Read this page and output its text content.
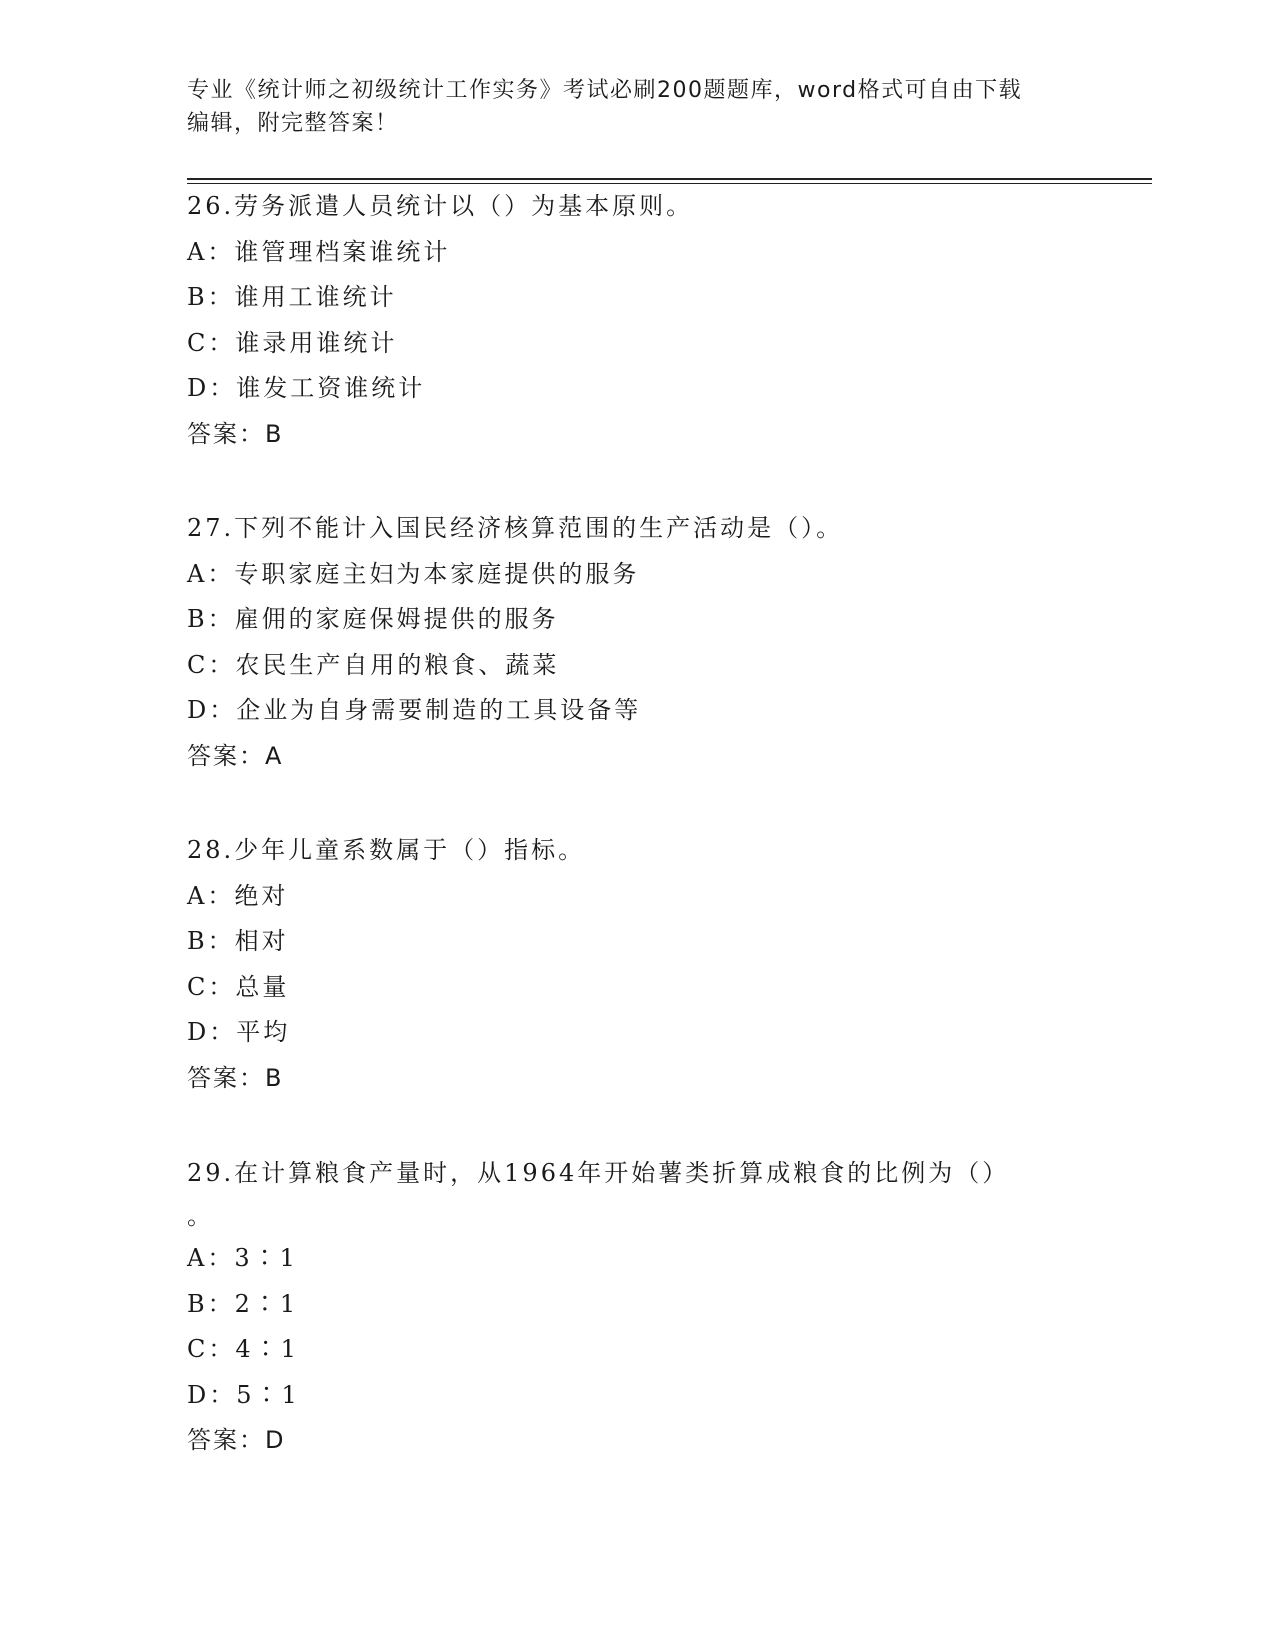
专业《统计师之初级统计工作实务》考试必刷200题题库，word格式可自由下载
编辑，附完整答案！
26.劳务派遣人员统计以（）为基本原则。
A：谁管理档案谁统计
B：谁用工谁统计
C：谁录用谁统计
D：谁发工资谁统计
答案：B
27.下列不能计入国民经济核算范围的生产活动是（）。
A：专职家庭主妇为本家庭提供的服务
B：雇佣的家庭保姆提供的服务
C：农民生产自用的粮食、蔬菜
D：企业为自身需要制造的工具设备等
答案：A
28.少年儿童系数属于（）指标。
A：绝对
B：相对
C：总量
D：平均
答案：B
29.在计算粮食产量时，从1964年开始薯类折算成粮食的比例为（）
。
A：3∶1
B：2∶1
C：4∶1
D：5∶1
答案：D
